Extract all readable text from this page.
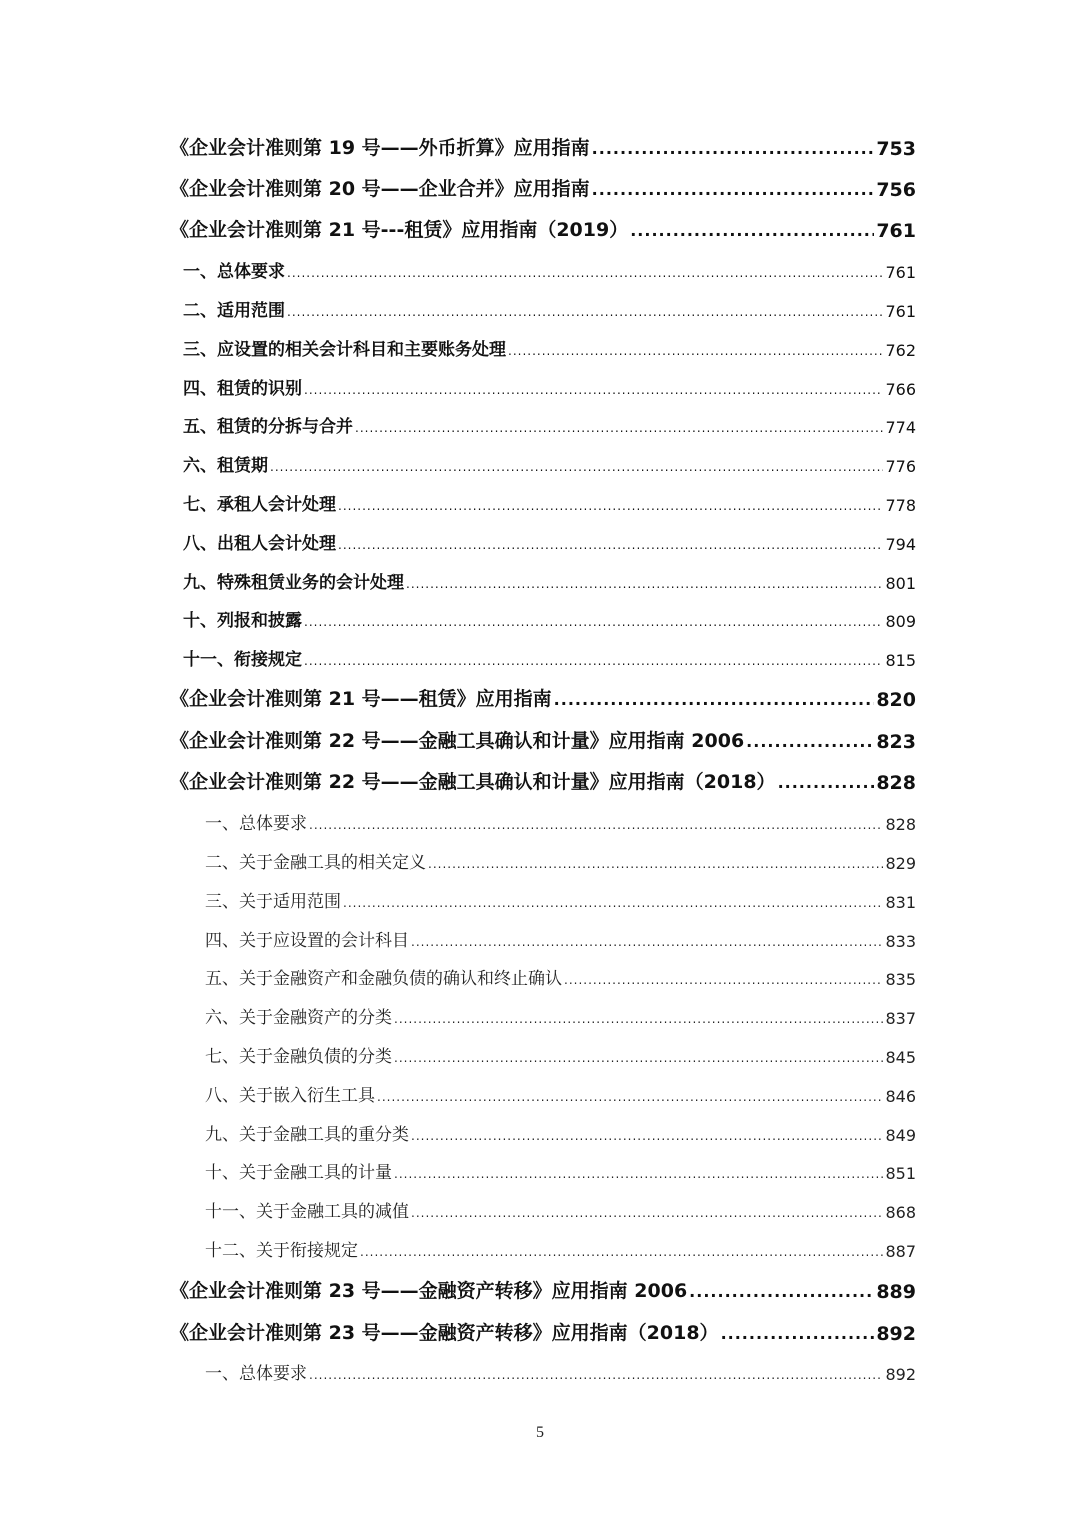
《企业会计准则第 19 号——外币折算》应用指南 .....	753
《企业会计准则第 20 号——企业合并》应用指南 .....	756
《企业会计准则第 21 号---租赁》应用指南（2019） .....	761
一、总体要求 .....	761
二、适用范围 .....	761
三、应设置的相关会计科目和主要账务处理 .....	762
四、租赁的识别 .....	766
五、租赁的分拆与合并 .....	774
六、租赁期 .....	776
七、承租人会计处理 .....	778
八、出租人会计处理 .....	794
九、特殊租赁业务的会计处理 .....	801
十、列报和披露 .....	809
十一、衔接规定 .....	815
《企业会计准则第 21 号——租赁》应用指南 .....	820
《企业会计准则第 22 号——金融工具确认和计量》应用指南 2006 .....	823
《企业会计准则第 22 号——金融工具确认和计量》应用指南（2018） .....	828
一、总体要求 .....	828
二、关于金融工具的相关定义 .....	829
三、关于适用范围 .....	831
四、关于应设置的会计科目 .....	833
五、关于金融资产和金融负债的确认和终止确认 .....	835
六、关于金融资产的分类 .....	837
七、关于金融负债的分类 .....	845
八、关于嵌入衍生工具 .....	846
九、关于金融工具的重分类 .....	849
十、关于金融工具的计量 .....	851
十一、关于金融工具的减值 .....	868
十二、关于衔接规定 .....	887
《企业会计准则第 23 号——金融资产转移》应用指南 2006 .....	889
《企业会计准则第 23 号——金融资产转移》应用指南（2018） .....	892
一、总体要求 .....	892
5
